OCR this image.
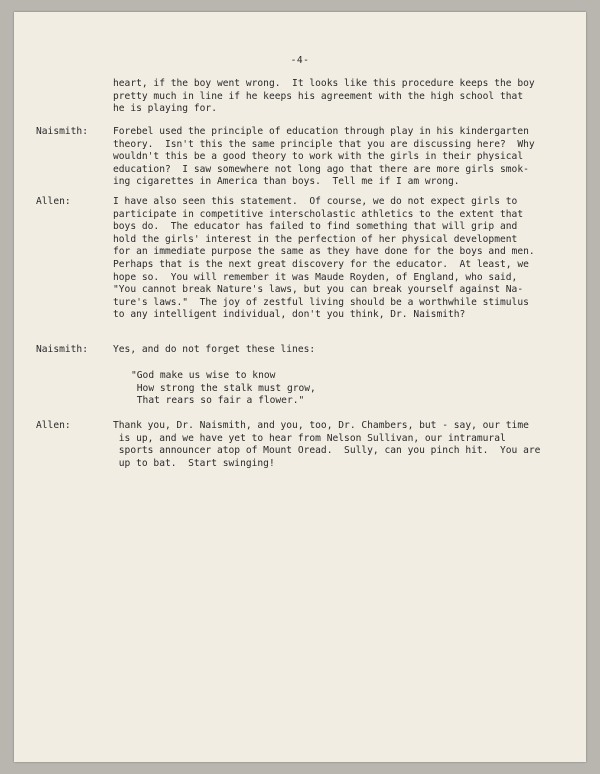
-4-
heart, if the boy went wrong.  It looks like this procedure keeps the boy
pretty much in line if he keeps his agreement with the high school that
he is playing for.
Naismith:	Forebel used the principle of education through play in his kindergarten
theory.  Isn't this the same principle that you are discussing here?  Why
wouldn't this be a good theory to work with the girls in their physical
education?  I saw somewhere not long ago that there are more girls smok-
ing cigarettes in America than boys.  Tell me if I am wrong.
Allen:	I have also seen this statement.  Of course, we do not expect girls to
participate in competitive interscholastic athletics to the extent that
boys do.  The educator has failed to find something that will grip and
hold the girls' interest in the perfection of her physical development
for an immediate purpose the same as they have done for the boys and men.
Perhaps that is the next great discovery for the educator.  At least, we
hope so.  You will remember it was Maude Royden, of England, who said,
"You cannot break Nature's laws, but you can break yourself against Na-
ture's laws."  The joy of zestful living should be a worthwhile stimulus
to any intelligent individual, don't you think, Dr. Naismith?
Naismith:	Yes, and do not forget these lines:
"God make us wise to know
How strong the stalk must grow,
That rears so fair a flower."
Allen:	Thank you, Dr. Naismith, and you, too, Dr. Chambers, but - say, our time
is up, and we have yet to hear from Nelson Sullivan, our intramural
sports announcer atop of Mount Oread.  Sully, can you pinch hit.  You are
up to bat.  Start swinging!
